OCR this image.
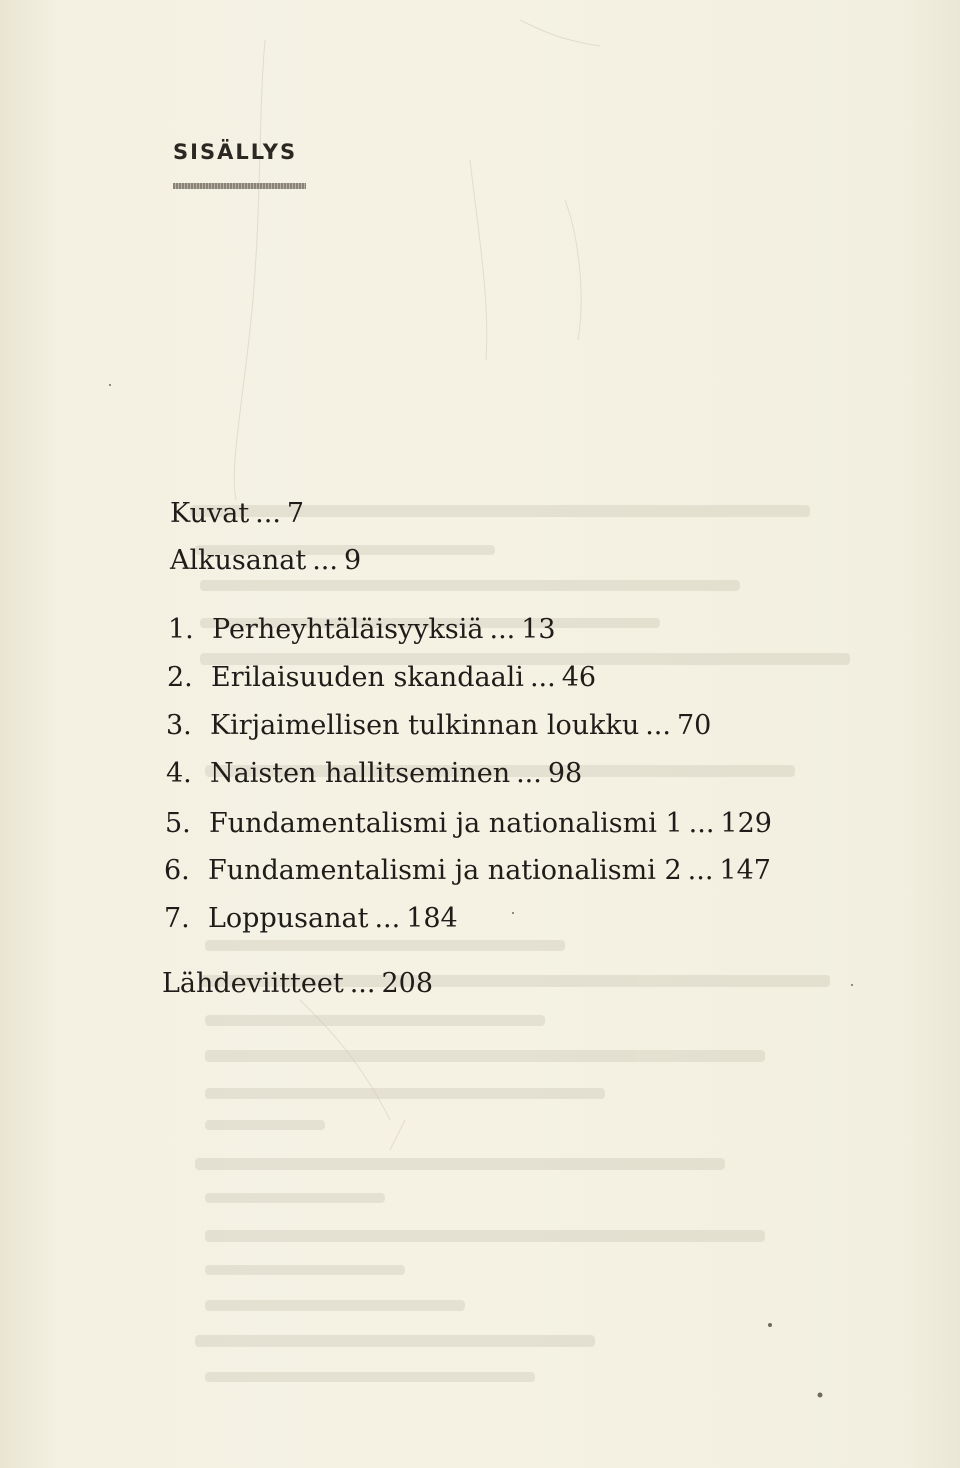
SISÄLLYS
Kuvat ... 7
Alkusanat ... 9
1. Perheyhtäläisyyksiä ... 13
2. Erilaisuuden skandaali ... 46
3. Kirjaimellisen tulkinnan loukku ... 70
4. Naisten hallitseminen ... 98
5. Fundamentalismi ja nationalismi 1 ... 129
6. Fundamentalismi ja nationalismi 2 ... 147
7. Loppusanat ... 184
Lähdeviitteet ... 208
